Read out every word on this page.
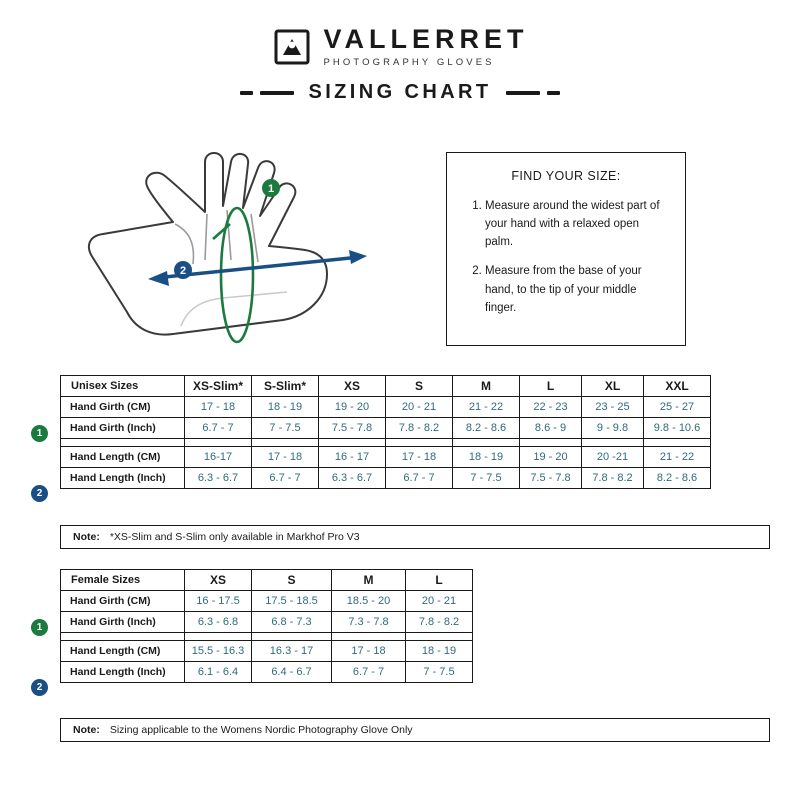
VALLERRET
PHOTOGRAPHY GLOVES
SIZING CHART
1
2
FIND YOUR SIZE:
1. Measure around the widest part of your hand with a relaxed open palm.
2. Measure from the base of your hand, to the tip of your middle finger.
1
2
Unisex Sizes	XS-Slim*	S-Slim*	XS	S	M	L	XL	XXL
Hand Girth (CM)	17 - 18	18 - 19	19 - 20	20 - 21	21 - 22	22 - 23	23 - 25	25 - 27
Hand Girth (Inch)	6.7 - 7	7 - 7.5	7.5 - 7.8	7.8 - 8.2	8.2 - 8.6	8.6 - 9	9 - 9.8	9.8 - 10.6

Hand Length (CM)	16-17	17 - 18	16 - 17	17 - 18	18 - 19	19 - 20	20 -21	21 - 22
Hand Length (Inch)	6.3 - 6.7	6.7 - 7	6.3 - 6.7	6.7 - 7	7 - 7.5	7.5 - 7.8	7.8 - 8.2	8.2 - 8.6
Note: *XS-Slim and S-Slim only available in Markhof Pro V3
1
2
Female Sizes	XS	S	M	L
Hand Girth (CM)	16 - 17.5	17.5 - 18.5	18.5 - 20	20 - 21
Hand Girth (Inch)	6.3 - 6.8	6.8 - 7.3	7.3 - 7.8	7.8 - 8.2

Hand Length (CM)	15.5 - 16.3	16.3 - 17	17 - 18	18 - 19
Hand Length (Inch)	6.1 - 6.4	6.4 - 6.7	6.7 - 7	7 - 7.5
Note: Sizing applicable to the Womens Nordic Photography Glove Only
